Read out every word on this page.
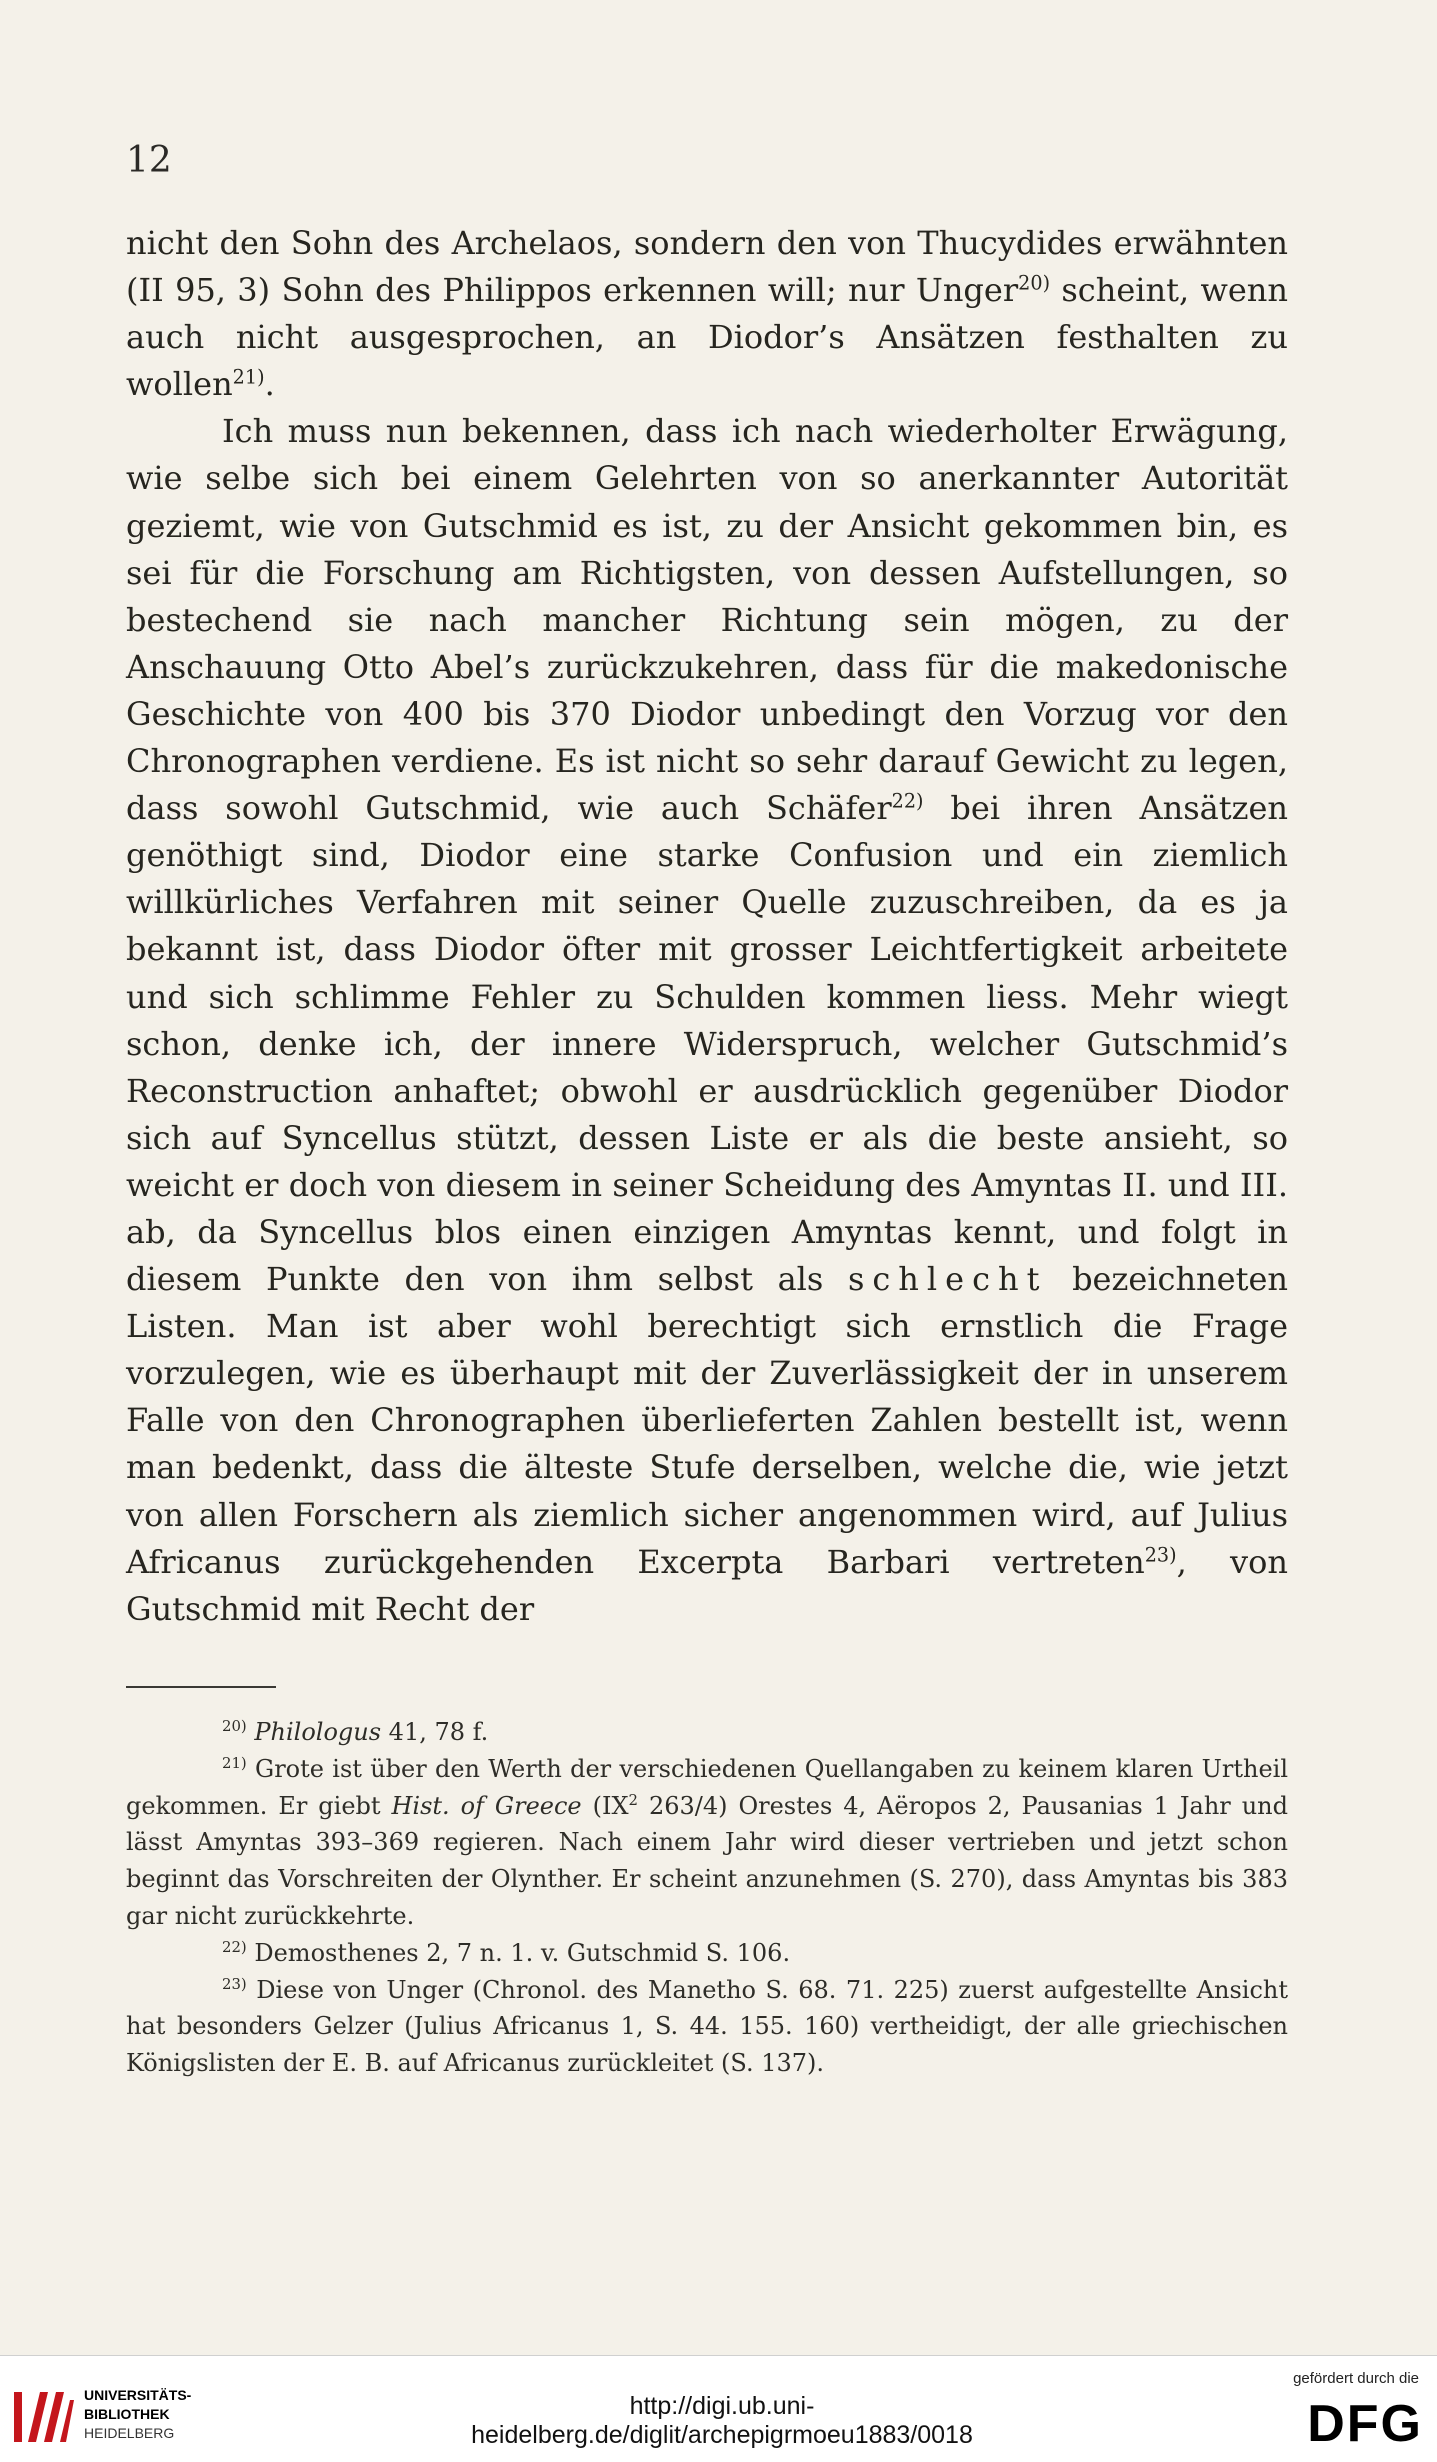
12

nicht den Sohn des Archelaos, sondern den von Thucydides erwähnten (II 95, 3) Sohn des Philippos erkennen will; nur Unger$^{20)}$ scheint, wenn auch nicht ausgesprochen, an Diodor’s Ansätzen festhalten zu wollen$^{21)}$.

Ich muss nun bekennen, dass ich nach wiederholter Erwägung, wie selbe sich bei einem Gelehrten von so anerkannter Autorität geziemt, wie von Gutschmid es ist, zu der Ansicht gekommen bin, es sei für die Forschung am Richtigsten, von dessen Aufstellungen, so bestechend sie nach mancher Richtung sein mögen, zu der Anschauung Otto Abel’s zurückzukehren, dass für die makedonische Geschichte von 400 bis 370 Diodor unbedingt den Vorzug vor den Chronographen verdiene. Es ist nicht so sehr darauf Gewicht zu legen, dass sowohl Gutschmid, wie auch Schäfer$^{22)}$ bei ihren Ansätzen genöthigt sind, Diodor eine starke Confusion und ein ziemlich willkürliches Verfahren mit seiner Quelle zuzuschreiben, da es ja bekannt ist, dass Diodor öfter mit grosser Leichtfertigkeit arbeitete und sich schlimme Fehler zu Schulden kommen liess. Mehr wiegt schon, denke ich, der innere Widerspruch, welcher Gutschmid’s Reconstruction anhaftet; obwohl er ausdrücklich gegenüber Diodor sich auf Syncellus stützt, dessen Liste er als die beste ansieht, so weicht er doch von diesem in seiner Scheidung des Amyntas II. und III. ab, da Syncellus blos einen einzigen Amyntas kennt, und folgt in diesem Punkte den von ihm selbst als schlecht bezeichneten Listen. Man ist aber wohl berechtigt sich ernstlich die Frage vorzulegen, wie es überhaupt mit der Zuverlässigkeit der in unserem Falle von den Chronographen überlieferten Zahlen bestellt ist, wenn man bedenkt, dass die älteste Stufe derselben, welche die, wie jetzt von allen Forschern als ziemlich sicher angenommen wird, auf Julius Africanus zurückgehenden Excerpta Barbari vertreten$^{23)}$, von Gutschmid mit Recht der

$^{20)}$ Philologus 41, 78 f.

$^{21)}$ Grote ist über den Werth der verschiedenen Quellangaben zu keinem klaren Urtheil gekommen. Er giebt Hist. of Greece ($IX^2$ 263/4) Orestes 4, Aëropos 2, Pausanias 1 Jahr und lässt Amyntas 393–369 regieren. Nach einem Jahr wird dieser vertrieben und jetzt schon beginnt das Vorschreiten der Olynther. Er scheint anzunehmen (S. 270), dass Amyntas bis 383 gar nicht zurückkehrte.

$^{22)}$ Demosthenes 2, 7 n. 1. v. Gutschmid S. 106.

$^{23)}$ Diese von Unger (Chronol. des Manetho S. 68. 71. 225) zuerst aufgestellte Ansicht hat besonders Gelzer (Julius Africanus 1, S. 44. 155. 160) vertheidigt, der alle griechischen Königslisten der E. B. auf Africanus zurückleitet (S. 137).

UNIVERSITÄTS-
BIBLIOTHEK
HEIDELBERG
http://digi.ub.uni-heidelberg.de/diglit/archepigrmoeu1883/0018
gefördert durch die
DFG
